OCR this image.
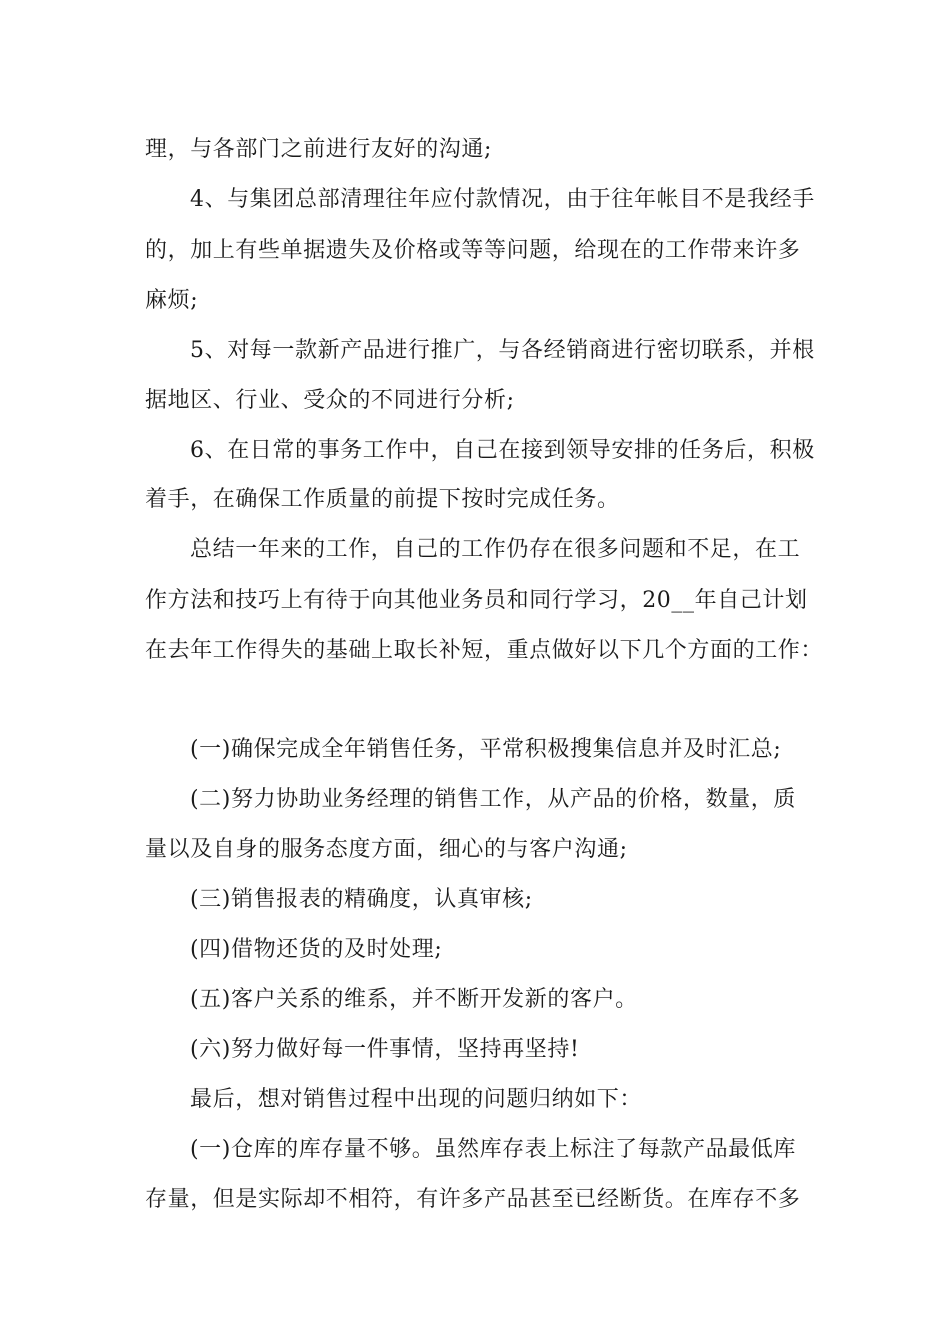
理，与各部门之前进行友好的沟通;
4、与集团总部清理往年应付款情况，由于往年帐目不是我经手
的，加上有些单据遗失及价格或等等问题，给现在的工作带来许多
麻烦;
5、对每一款新产品进行推广，与各经销商进行密切联系，并根
据地区、行业、受众的不同进行分析;
6、在日常的事务工作中，自己在接到领导安排的任务后，积极
着手，在确保工作质量的前提下按时完成任务。
总结一年来的工作，自己的工作仍存在很多问题和不足，在工
作方法和技巧上有待于向其他业务员和同行学习，20__年自己计划
在去年工作得失的基础上取长补短，重点做好以下几个方面的工作：
(一)确保完成全年销售任务，平常积极搜集信息并及时汇总;
(二)努力协助业务经理的销售工作，从产品的价格，数量，质
量以及自身的服务态度方面，细心的与客户沟通;
(三)销售报表的精确度，认真审核;
(四)借物还货的及时处理;
(五)客户关系的维系，并不断开发新的客户。
(六)努力做好每一件事情，坚持再坚持!
最后，想对销售过程中出现的问题归纳如下：
(一)仓库的库存量不够。虽然库存表上标注了每款产品最低库
存量，但是实际却不相符，有许多产品甚至已经断货。在库存不多
